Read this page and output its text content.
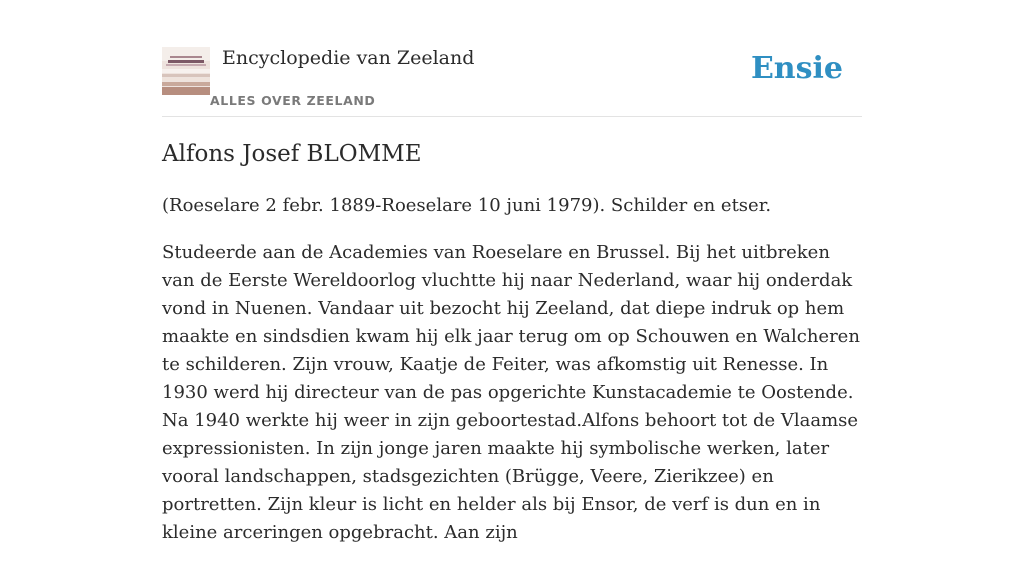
Encyclopedie van Zeeland
ALLES OVER ZEELAND
Ensie
Alfons Josef BLOMME

(Roeselare 2 febr. 1889-Roeselare 10 juni 1979). Schilder en etser.

Studeerde aan de Academies van Roeselare en Brussel. Bij het uitbreken van de Eerste Wereldoorlog vluchtte hij naar Nederland, waar hij onderdak vond in Nuenen. Vandaar uit bezocht hij Zeeland, dat diepe indruk op hem maakte en sindsdien kwam hij elk jaar terug om op Schouwen en Walcheren te schilderen. Zijn vrouw, Kaatje de Feiter, was afkomstig uit Renesse. In 1930 werd hij directeur van de pas opgerichte Kunstacademie te Oostende. Na 1940 werkte hij weer in zijn geboortestad.Alfons behoort tot de Vlaamse expressionisten. In zijn jonge jaren maakte hij symbolische werken, later vooral landschappen, stadsgezichten (Brügge, Veere, Zierikzee) en portretten. Zijn kleur is licht en helder als bij Ensor, de verf is dun en in kleine arceringen opgebracht. Aan zijn
